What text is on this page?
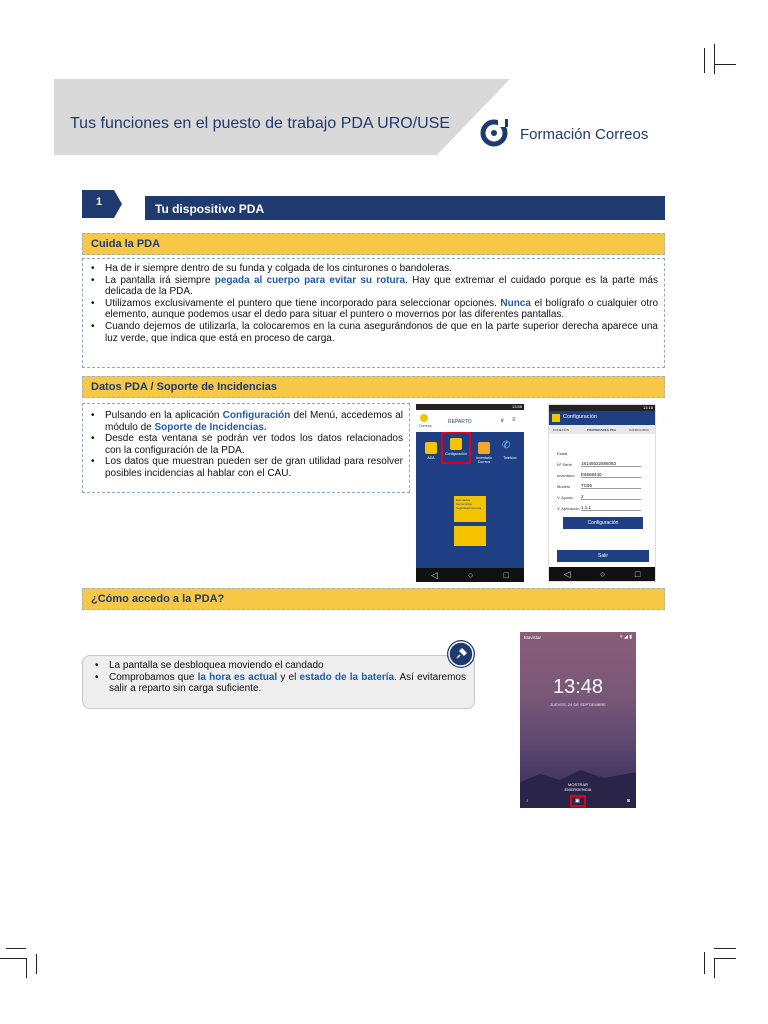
Tus funciones en el puesto de trabajo PDA URO/USE
Formación Correos
1	Tu dispositivo PDA
Cuida la PDA
• Ha de ir siempre dentro de su funda y colgada de los cinturones o bandoleras.
• La pantalla irá siempre pegada al cuerpo para evitar su rotura. Hay que extremar el cuidado porque es la parte más delicada de la PDA.
• Utilizamos exclusivamente el puntero que tiene incorporado para seleccionar opciones. Nunca el bolígrafo o cualquier otro elemento, aunque podemos usar el dedo para situar el puntero o movernos por las diferentes pantallas.
• Cuando dejemos de utilizarla, la colocaremos en la cuna asegurándonos de que en la parte superior derecha aparece una luz verde, que indica que está en proceso de carga.
Datos PDA / Soporte de Incidencias
• Pulsando en la aplicación Configuración del Menú, accedemos al módulo de Soporte de Incidencias.
• Desde esta ventana se podrán ver todos los datos relacionados con la configuración de la PDA.
• Los datos que muestran pueden ser de gran utilidad para resolver posibles incidencias al hablar con el CAU.
13:58
Correos
REPARTO	∨ ≡
ADA
Configuración
Inventario Correos
✆
Teléfono
Estimados bienvenidos Seguridad Correos
◁	○	□
13:18
Configuración
CONEXIÓN	PROPIEDADES PDA	CONFIGURAC
Estad.
Nº Serie 18145522586083
Inventario E6568440
Modelo TC56
V. Ayuda 2
V. Aplicación 1.1.1
Configuración
Salir
◁	○	□
¿Cómo accedo a la PDA?
• La pantalla se desbloquea moviendo el candado
• Comprobamos que la hora es actual y el estado de la batería. Así evitaremos salir a reparto sin carga suficiente.
Movistar	▾ ◢ ▮
13:48
JUEVES, 24 DE SEPTIEMBRE
MOSTRAR EMERGENCIA
♪	◙
▣
